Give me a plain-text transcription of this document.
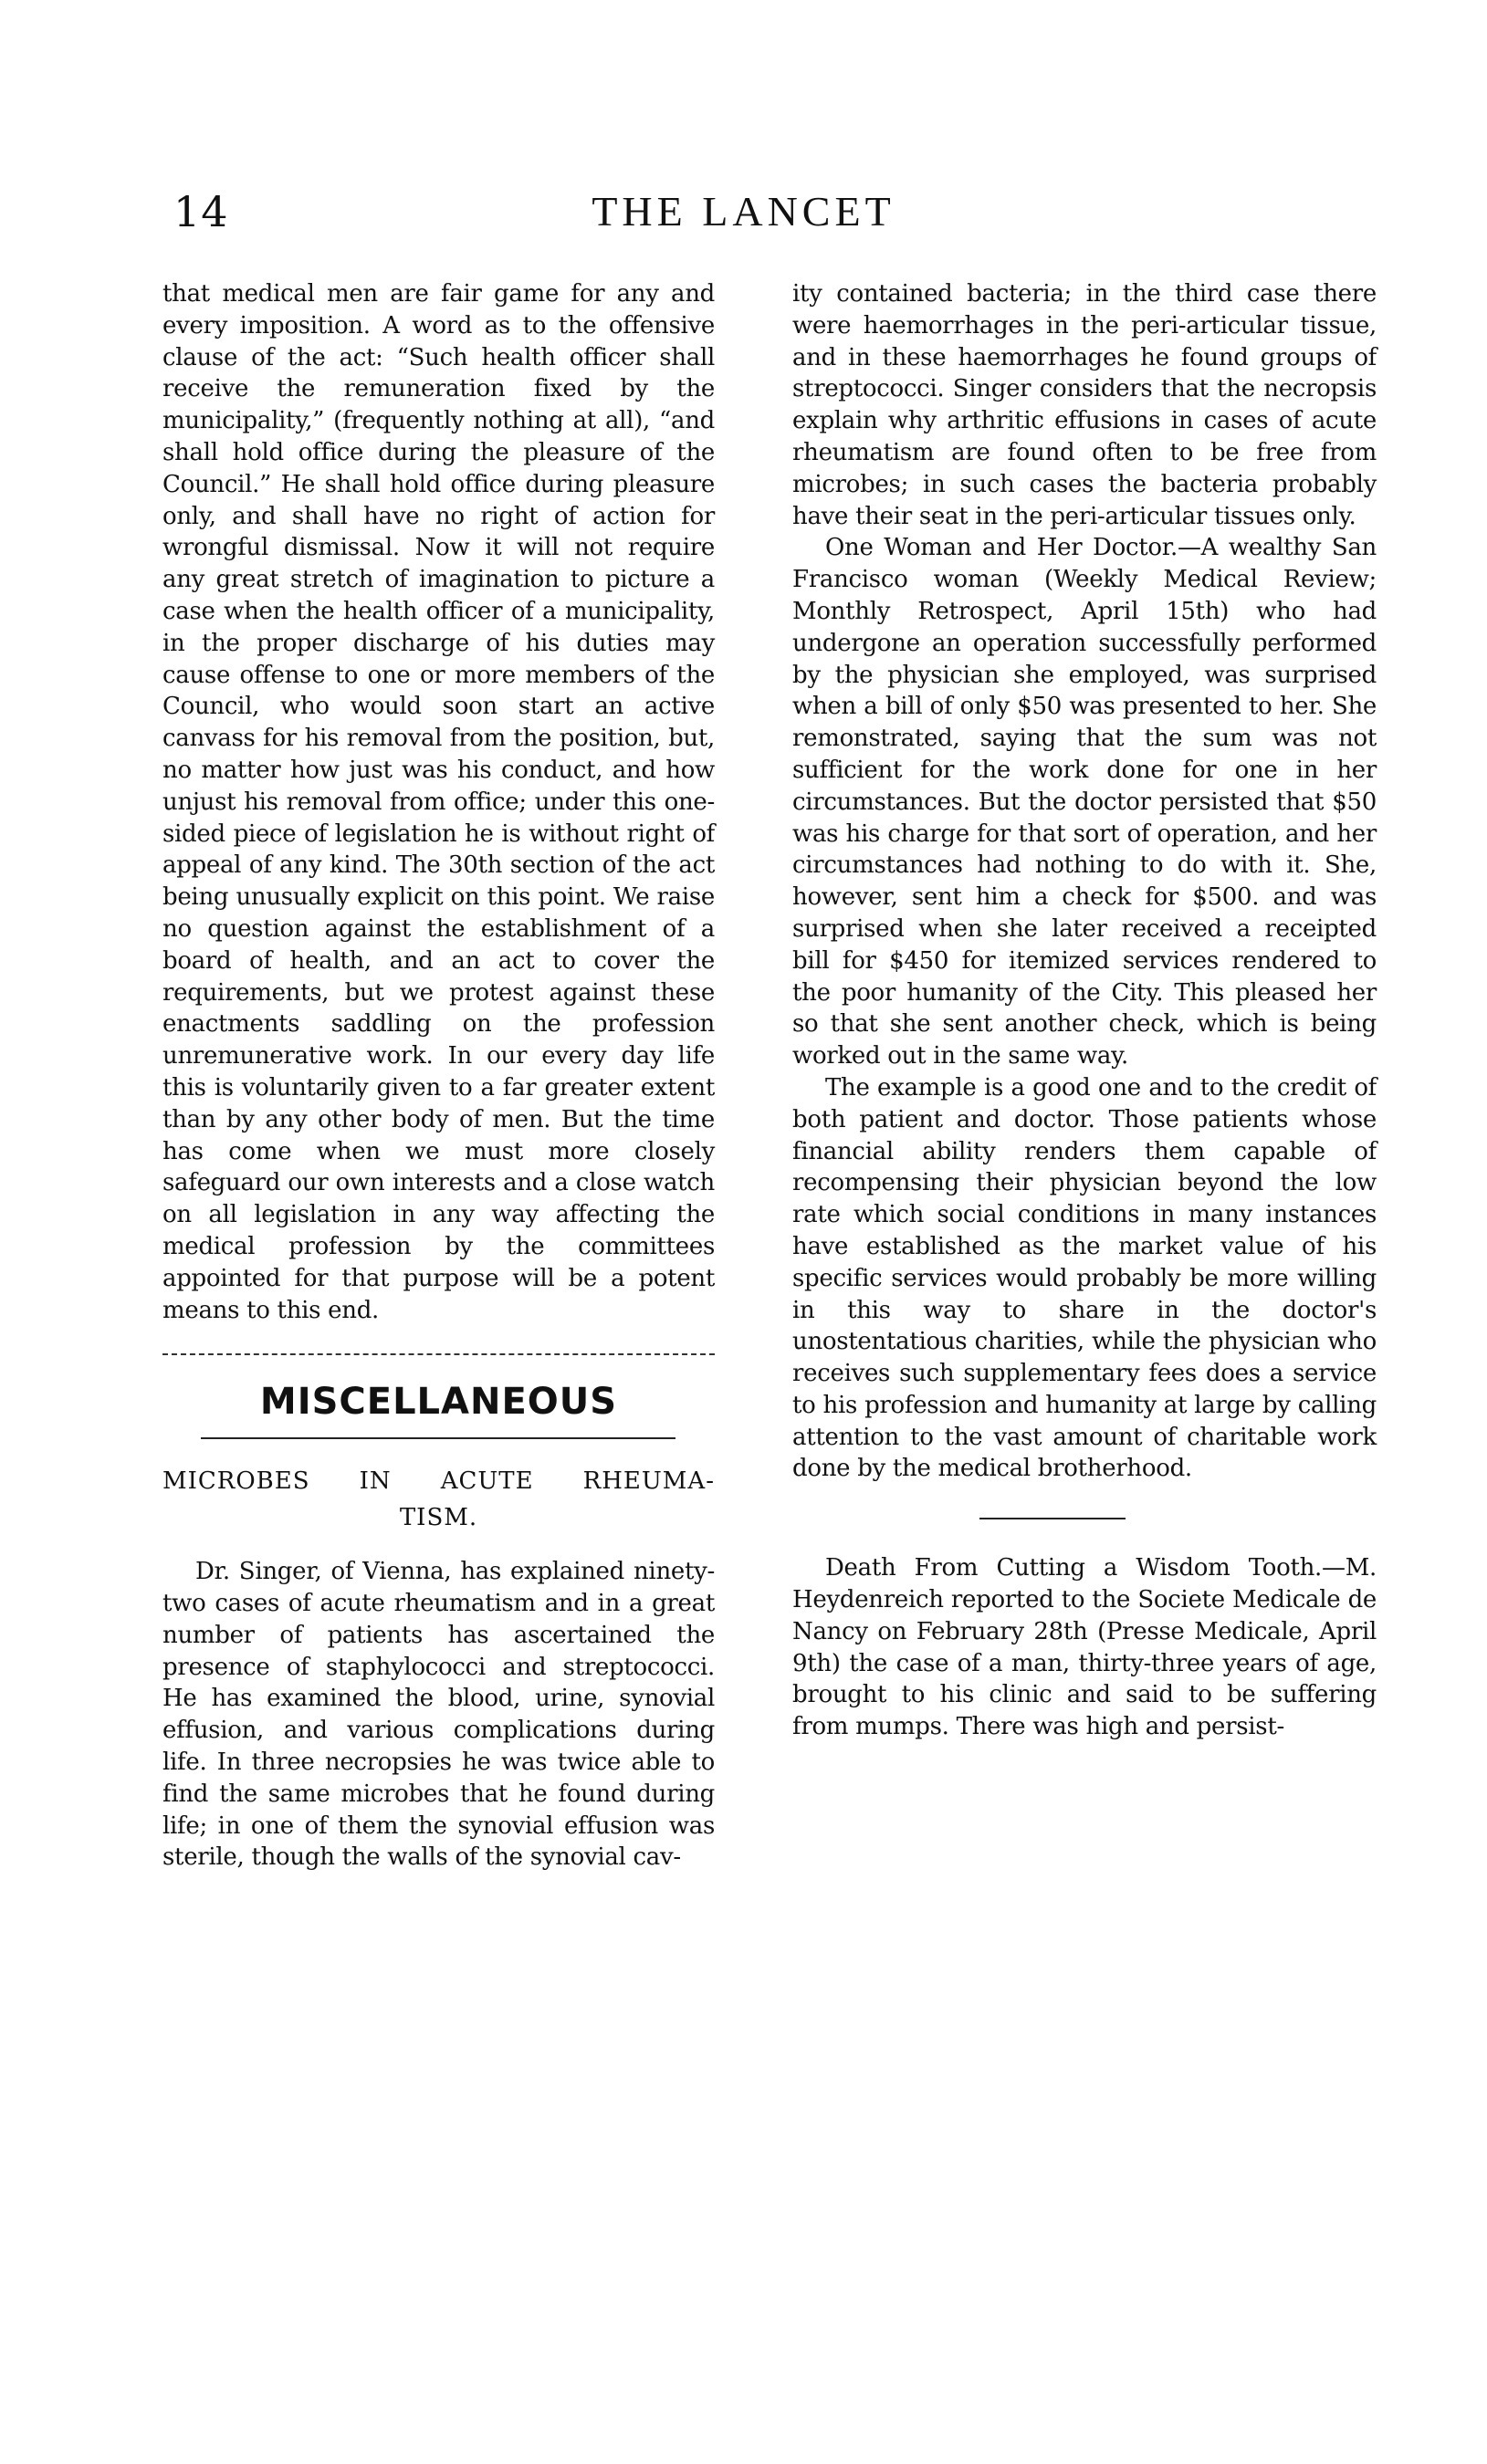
14	THE LANCET

that medical men are fair game for any and every imposition. A word as to the offensive clause of the act: “Such health officer shall receive the remuneration fixed by the municipality,” (frequently nothing at all), “and shall hold office during the pleasure of the Council.” He shall hold office during pleasure only, and shall have no right of action for wrongful dismissal. Now it will not require any great stretch of imagination to picture a case when the health officer of a municipality, in the proper discharge of his duties may cause offense to one or more members of the Council, who would soon start an active canvass for his removal from the position, but, no matter how just was his conduct, and how unjust his removal from office; under this one-sided piece of legislation he is without right of appeal of any kind. The 30th section of the act being unusually explicit on this point. We raise no question against the establishment of a board of health, and an act to cover the requirements, but we protest against these enactments saddling on the profession unremunerative work. In our every day life this is voluntarily given to a far greater extent than by any other body of men. But the time has come when we must more closely safeguard our own interests and a close watch on all legislation in any way affecting the medical profession by the committees appointed for that purpose will be a potent means to this end.

MISCELLANEOUS
MICROBES IN ACUTE RHEUMA-
TISM.

Dr. Singer, of Vienna, has explained ninety-two cases of acute rheumatism and in a great number of patients has ascertained the presence of staphylococci and streptococci. He has examined the blood, urine, synovial effusion, and various complications during life. In three necropsies he was twice able to find the same microbes that he found during life; in one of them the synovial effusion was sterile, though the walls of the synovial cav-

ity contained bacteria; in the third case there were haemorrhages in the peri-articular tissue, and in these haemorrhages he found groups of streptococci. Singer considers that the necropsis explain why arthritic effusions in cases of acute rheumatism are found often to be free from microbes; in such cases the bacteria probably have their seat in the peri-articular tissues only.

One Woman and Her Doctor.—A wealthy San Francisco woman (Weekly Medical Review; Monthly Retrospect, April 15th) who had undergone an operation successfully performed by the physician she employed, was surprised when a bill of only $50 was presented to her. She remonstrated, saying that the sum was not sufficient for the work done for one in her circumstances. But the doctor persisted that $50 was his charge for that sort of operation, and her circumstances had nothing to do with it. She, however, sent him a check for $500. and was surprised when she later received a receipted bill for $450 for itemized services rendered to the poor humanity of the City. This pleased her so that she sent another check, which is being worked out in the same way.

The example is a good one and to the credit of both patient and doctor. Those patients whose financial ability renders them capable of recompensing their physician beyond the low rate which social conditions in many instances have established as the market value of his specific services would probably be more willing in this way to share in the doctor's unostentatious charities, while the physician who receives such supplementary fees does a service to his profession and humanity at large by calling attention to the vast amount of charitable work done by the medical brotherhood.

Death From Cutting a Wisdom Tooth.—M. Heydenreich reported to the Societe Medicale de Nancy on February 28th (Presse Medicale, April 9th) the case of a man, thirty-three years of age, brought to his clinic and said to be suffering from mumps. There was high and persist-
